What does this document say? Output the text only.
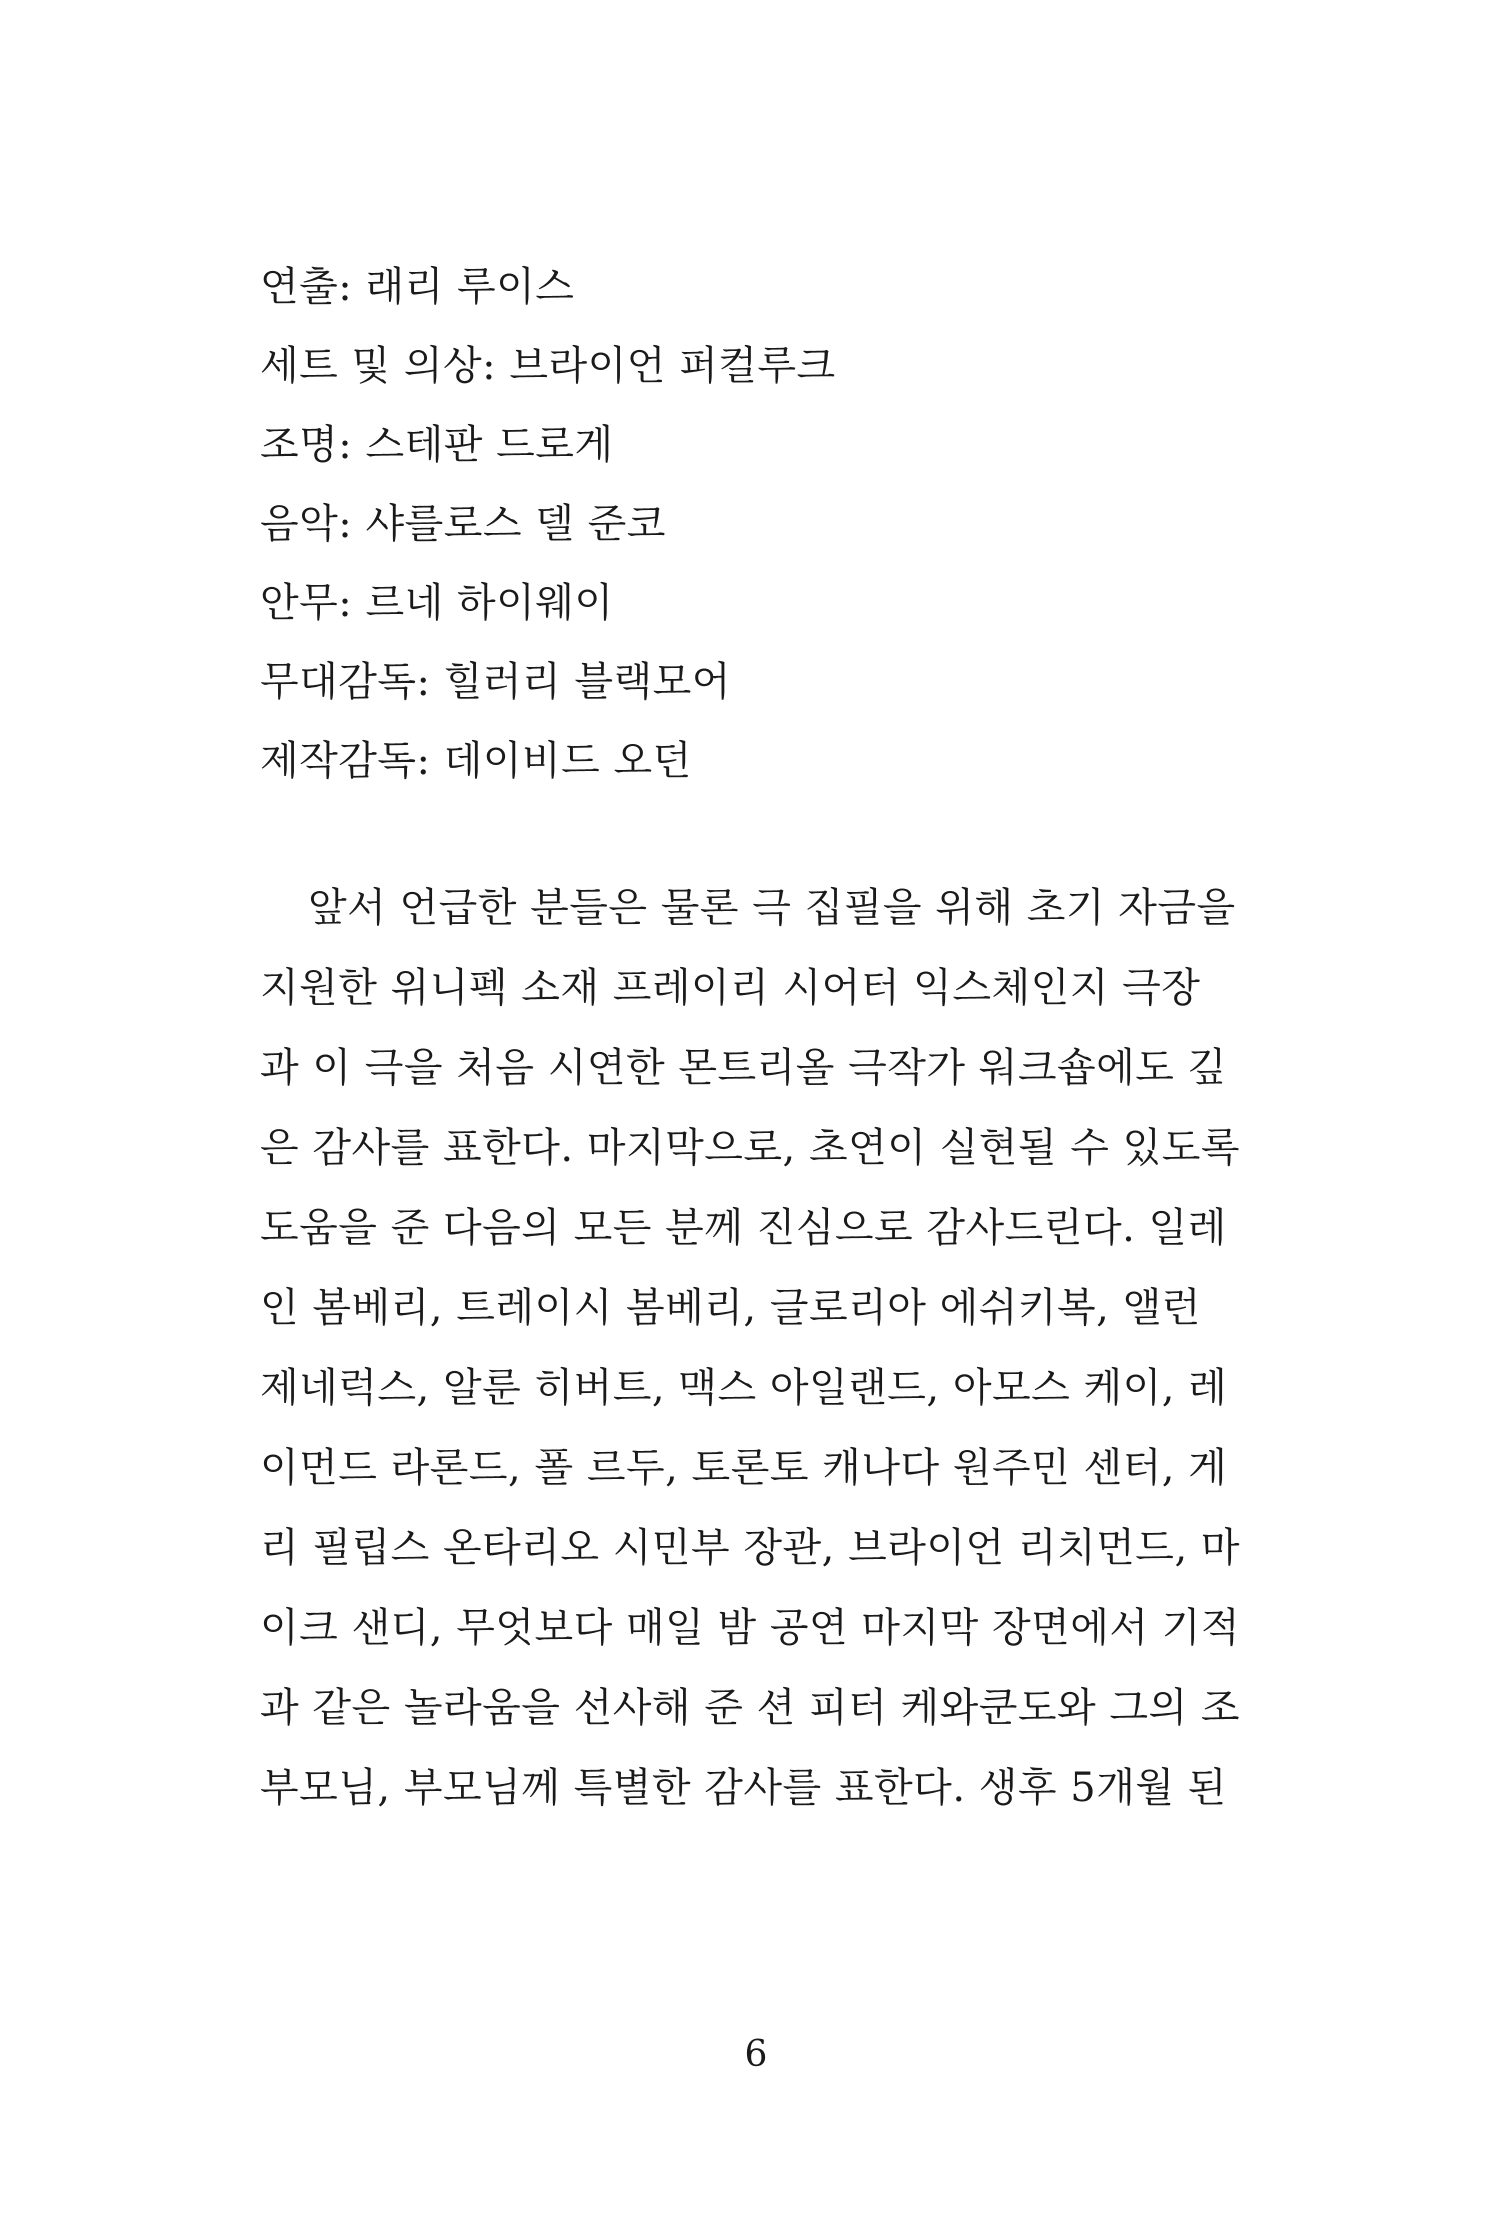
연출: 래리 루이스
세트 및 의상: 브라이언 퍼컬루크
조명: 스테판 드로게
음악: 샤를로스 델 준코
안무: 르네 하이웨이
무대감독: 힐러리 블랙모어
제작감독: 데이비드 오던
앞서 언급한 분들은 물론 극 집필을 위해 초기 자금을
지원한 위니펙 소재 프레이리 시어터 익스체인지 극장
과 이 극을 처음 시연한 몬트리올 극작가 워크숍에도 깊
은 감사를 표한다. 마지막으로, 초연이 실현될 수 있도록
도움을 준 다음의 모든 분께 진심으로 감사드린다. 일레
인 봄베리, 트레이시 봄베리, 글로리아 에쉬키복, 앨런
제네럭스, 알룬 히버트, 맥스 아일랜드, 아모스 케이, 레
이먼드 라론드, 폴 르두, 토론토 캐나다 원주민 센터, 게
리 필립스 온타리오 시민부 장관, 브라이언 리치먼드, 마
이크 샌디, 무엇보다 매일 밤 공연 마지막 장면에서 기적
과 같은 놀라움을 선사해 준 션 피터 케와쿤도와 그의 조
부모님, 부모님께 특별한 감사를 표한다. 생후 5개월 된
6
